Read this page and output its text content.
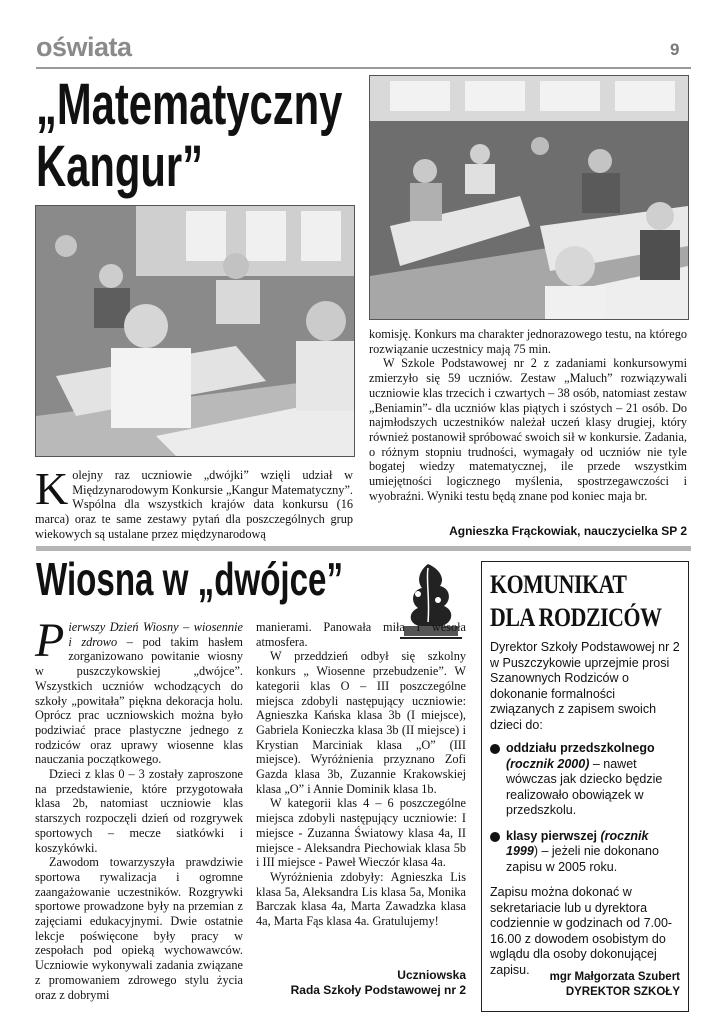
oświata	9
„Matematyczny
Kangur”

Kolejny raz uczniowie „dwójki” wzięli udział w Międzynarodowym Konkursie „Kangur Matematyczny”. Wspólna dla wszystkich krajów data konkursu (16 marca) oraz te same zestawy pytań dla poszczególnych grup wiekowych są ustalane przez międzynarodową

komisję. Konkurs ma charakter jednorazowego testu, na którego rozwiązanie uczestnicy mają 75 min.

W Szkole Podstawowej nr 2 z zadaniami konkursowymi zmierzyło się 59 uczniów. Zestaw „Maluch” rozwiązywali uczniowie klas trzecich i czwartych – 38 osób, natomiast zestaw „Beniamin”- dla uczniów klas piątych i szóstych – 21 osób. Do najmłodszych uczestników należał uczeń klasy drugiej, który również postanowił spróbować swoich sił w konkursie. Zadania, o różnym stopniu trudności, wymagały od uczniów nie tyle bogatej wiedzy matematycznej, ile przede wszystkim umiejętności logicznego myślenia, spostrzegawczości i wyobraźni. Wyniki testu będą znane pod koniec maja br.

Agnieszka Frąckowiak, nauczycielka SP 2
Wiosna w „dwójce”

Pierwszy Dzień Wiosny – wiosennie i zdrowo – pod takim hasłem zorganizowano powitanie wiosny w puszczykowskiej „dwójce”. Wszystkich uczniów wchodzących do szkoły „powitała” piękna dekoracja holu. Oprócz prac uczniowskich można było podziwiać prace plastyczne jednego z rodziców oraz uprawy wiosenne klas nauczania początkowego.

Dzieci z klas 0 – 3 zostały zaproszone na przedstawienie, które przygotowała klasa 2b, natomiast uczniowie klas starszych rozpoczęli dzień od rozgrywek sportowych – mecze siatkówki i koszykówki.

Zawodom towarzyszyła prawdziwie sportowa rywalizacja i ogromne zaangażowanie uczestników. Rozgrywki sportowe prowadzone były na przemian z zajęciami edukacyjnymi. Dwie ostatnie lekcje poświęcone były pracy w zespołach pod opieką wychowawców. Uczniowie wykonywali zadania związane z promowaniem zdrowego stylu życia oraz z dobrymi

manierami. Panowała miła i wesoła atmosfera.

W przeddzień odbył się szkolny konkurs „ Wiosenne przebudzenie”. W kategorii klas O – III poszczególne miejsca zdobyli następujący uczniowie: Agnieszka Kańska klasa 3b (I miejsce), Gabriela Konieczka klasa 3b (II miejsce) i Krystian Marciniak klasa „O” (III miejsce). Wyróżnienia przyznano Zofi Gazda klasa 3b, Zuzannie Krakowskiej klasa „O” i Annie Dominik klasa 1b.

W kategorii klas 4 – 6 poszczególne miejsca zdobyli następujący uczniowie: I miejsce - Zuzanna Światowy klasa 4a, II miejsce - Aleksandra Piechowiak klasa 5b i III miejsce - Paweł Wieczór klasa 4a.

Wyróżnienia zdobyły: Agnieszka Lis klasa 5a, Aleksandra Lis klasa 5a, Monika Barczak klasa 4a, Marta Zawadzka klasa 4a, Marta Fąs klasa 4a. Gratulujemy!

Uczniowska
Rada Szkoły Podstawowej nr 2
KOMUNIKAT
DLA RODZICÓW

Dyrektor Szkoły Podstawowej nr 2 w Puszczykowie uprzejmie prosi Szanownych Rodziców o dokonanie formalności związanych z zapisem swoich dzieci do:

oddziału przedszkolnego (rocznik 2000) – nawet wówczas jak dziecko będzie realizowało obowiązek w przedszkolu.
klasy pierwszej (rocznik 1999) – jeżeli nie dokonano zapisu w 2005 roku.

Zapisu można dokonać w sekretariacie lub u dyrektora codziennie w godzinach od 7.00-16.00 z dowodem osobistym do wglądu dla osoby dokonującej zapisu.

mgr Małgorzata Szubert
DYREKTOR SZKOŁY
